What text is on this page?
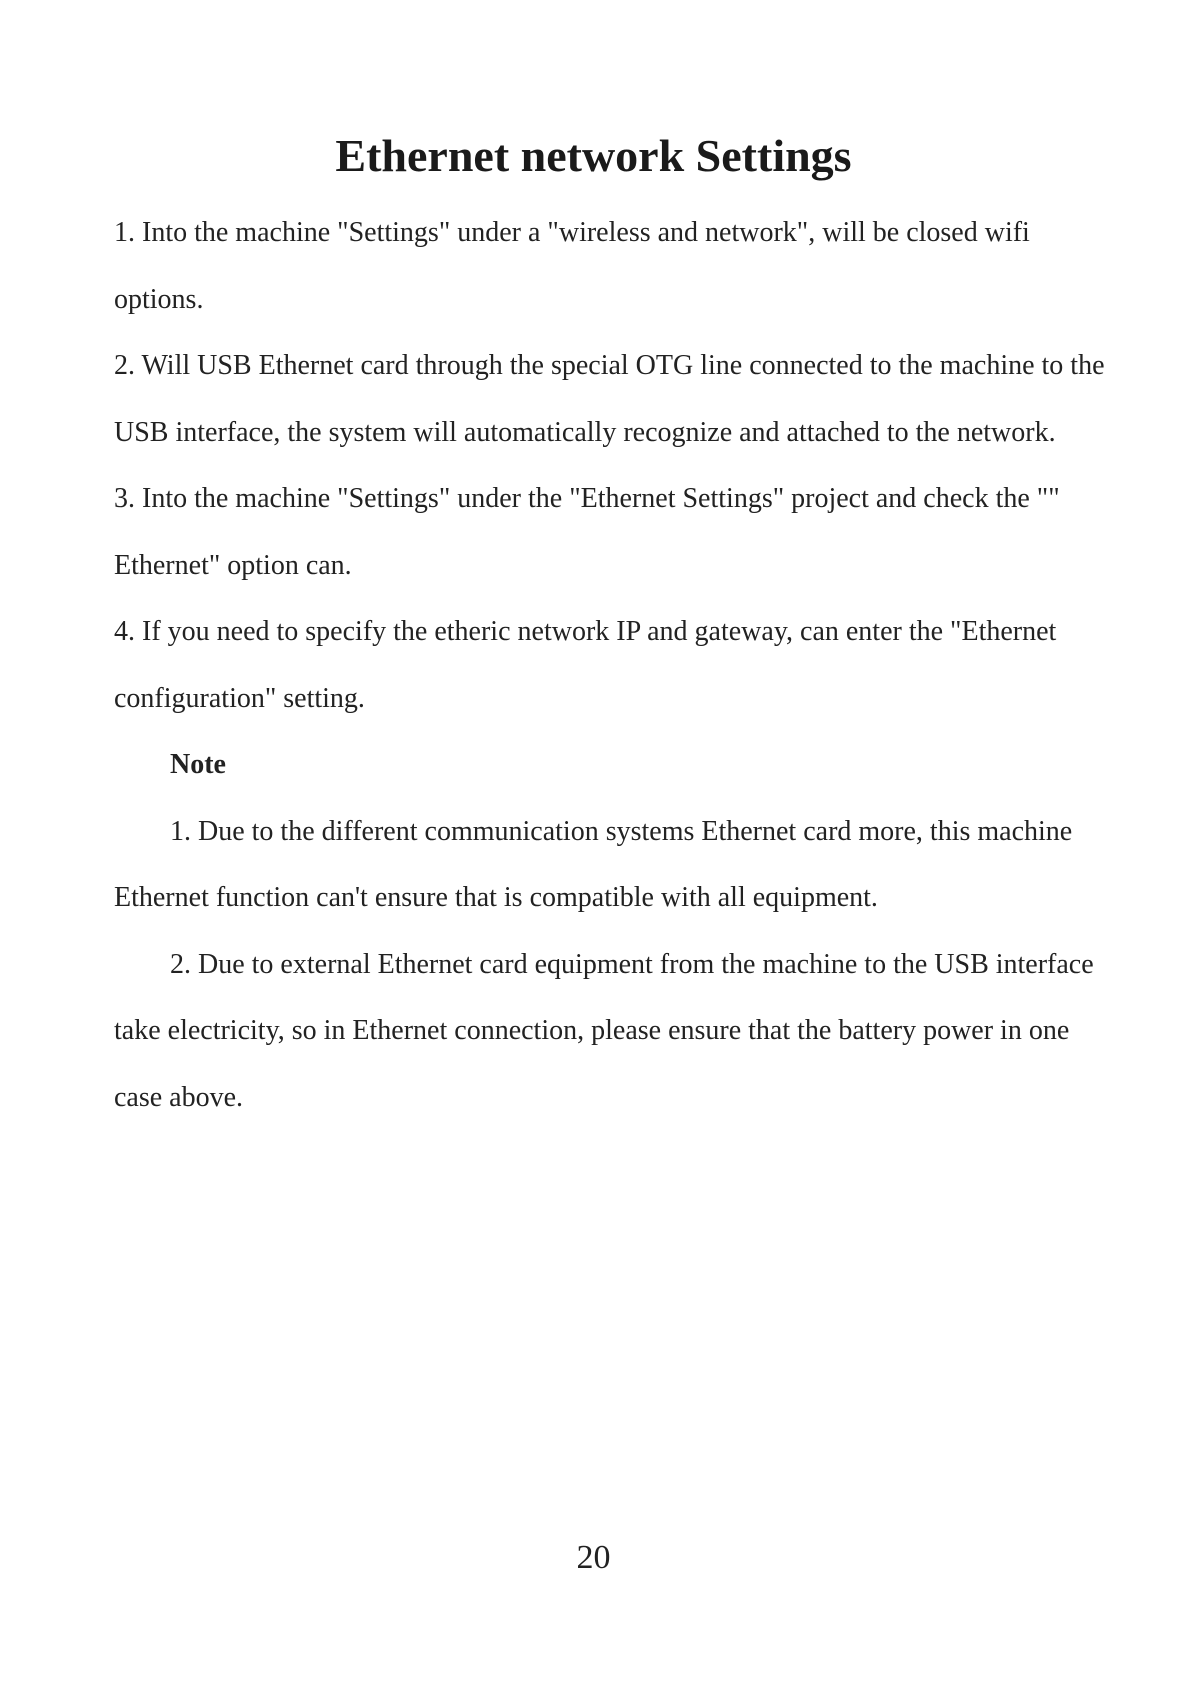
Ethernet network Settings

1. Into the machine "Settings" under a "wireless and network", will be closed wifi options.

2. Will USB Ethernet card through the special OTG line connected to the machine to the USB interface, the system will automatically recognize and attached to the network.

3. Into the machine "Settings" under the "Ethernet Settings" project and check the "" Ethernet" option can.

4. If you need to specify the etheric network IP and gateway, can enter the "Ethernet configuration" setting.

Note

1. Due to the different communication systems Ethernet card more, this machine Ethernet function can't ensure that is compatible with all equipment.

2. Due to external Ethernet card equipment from the machine to the USB interface take electricity, so in Ethernet connection, please ensure that the battery power in one case above.

20
